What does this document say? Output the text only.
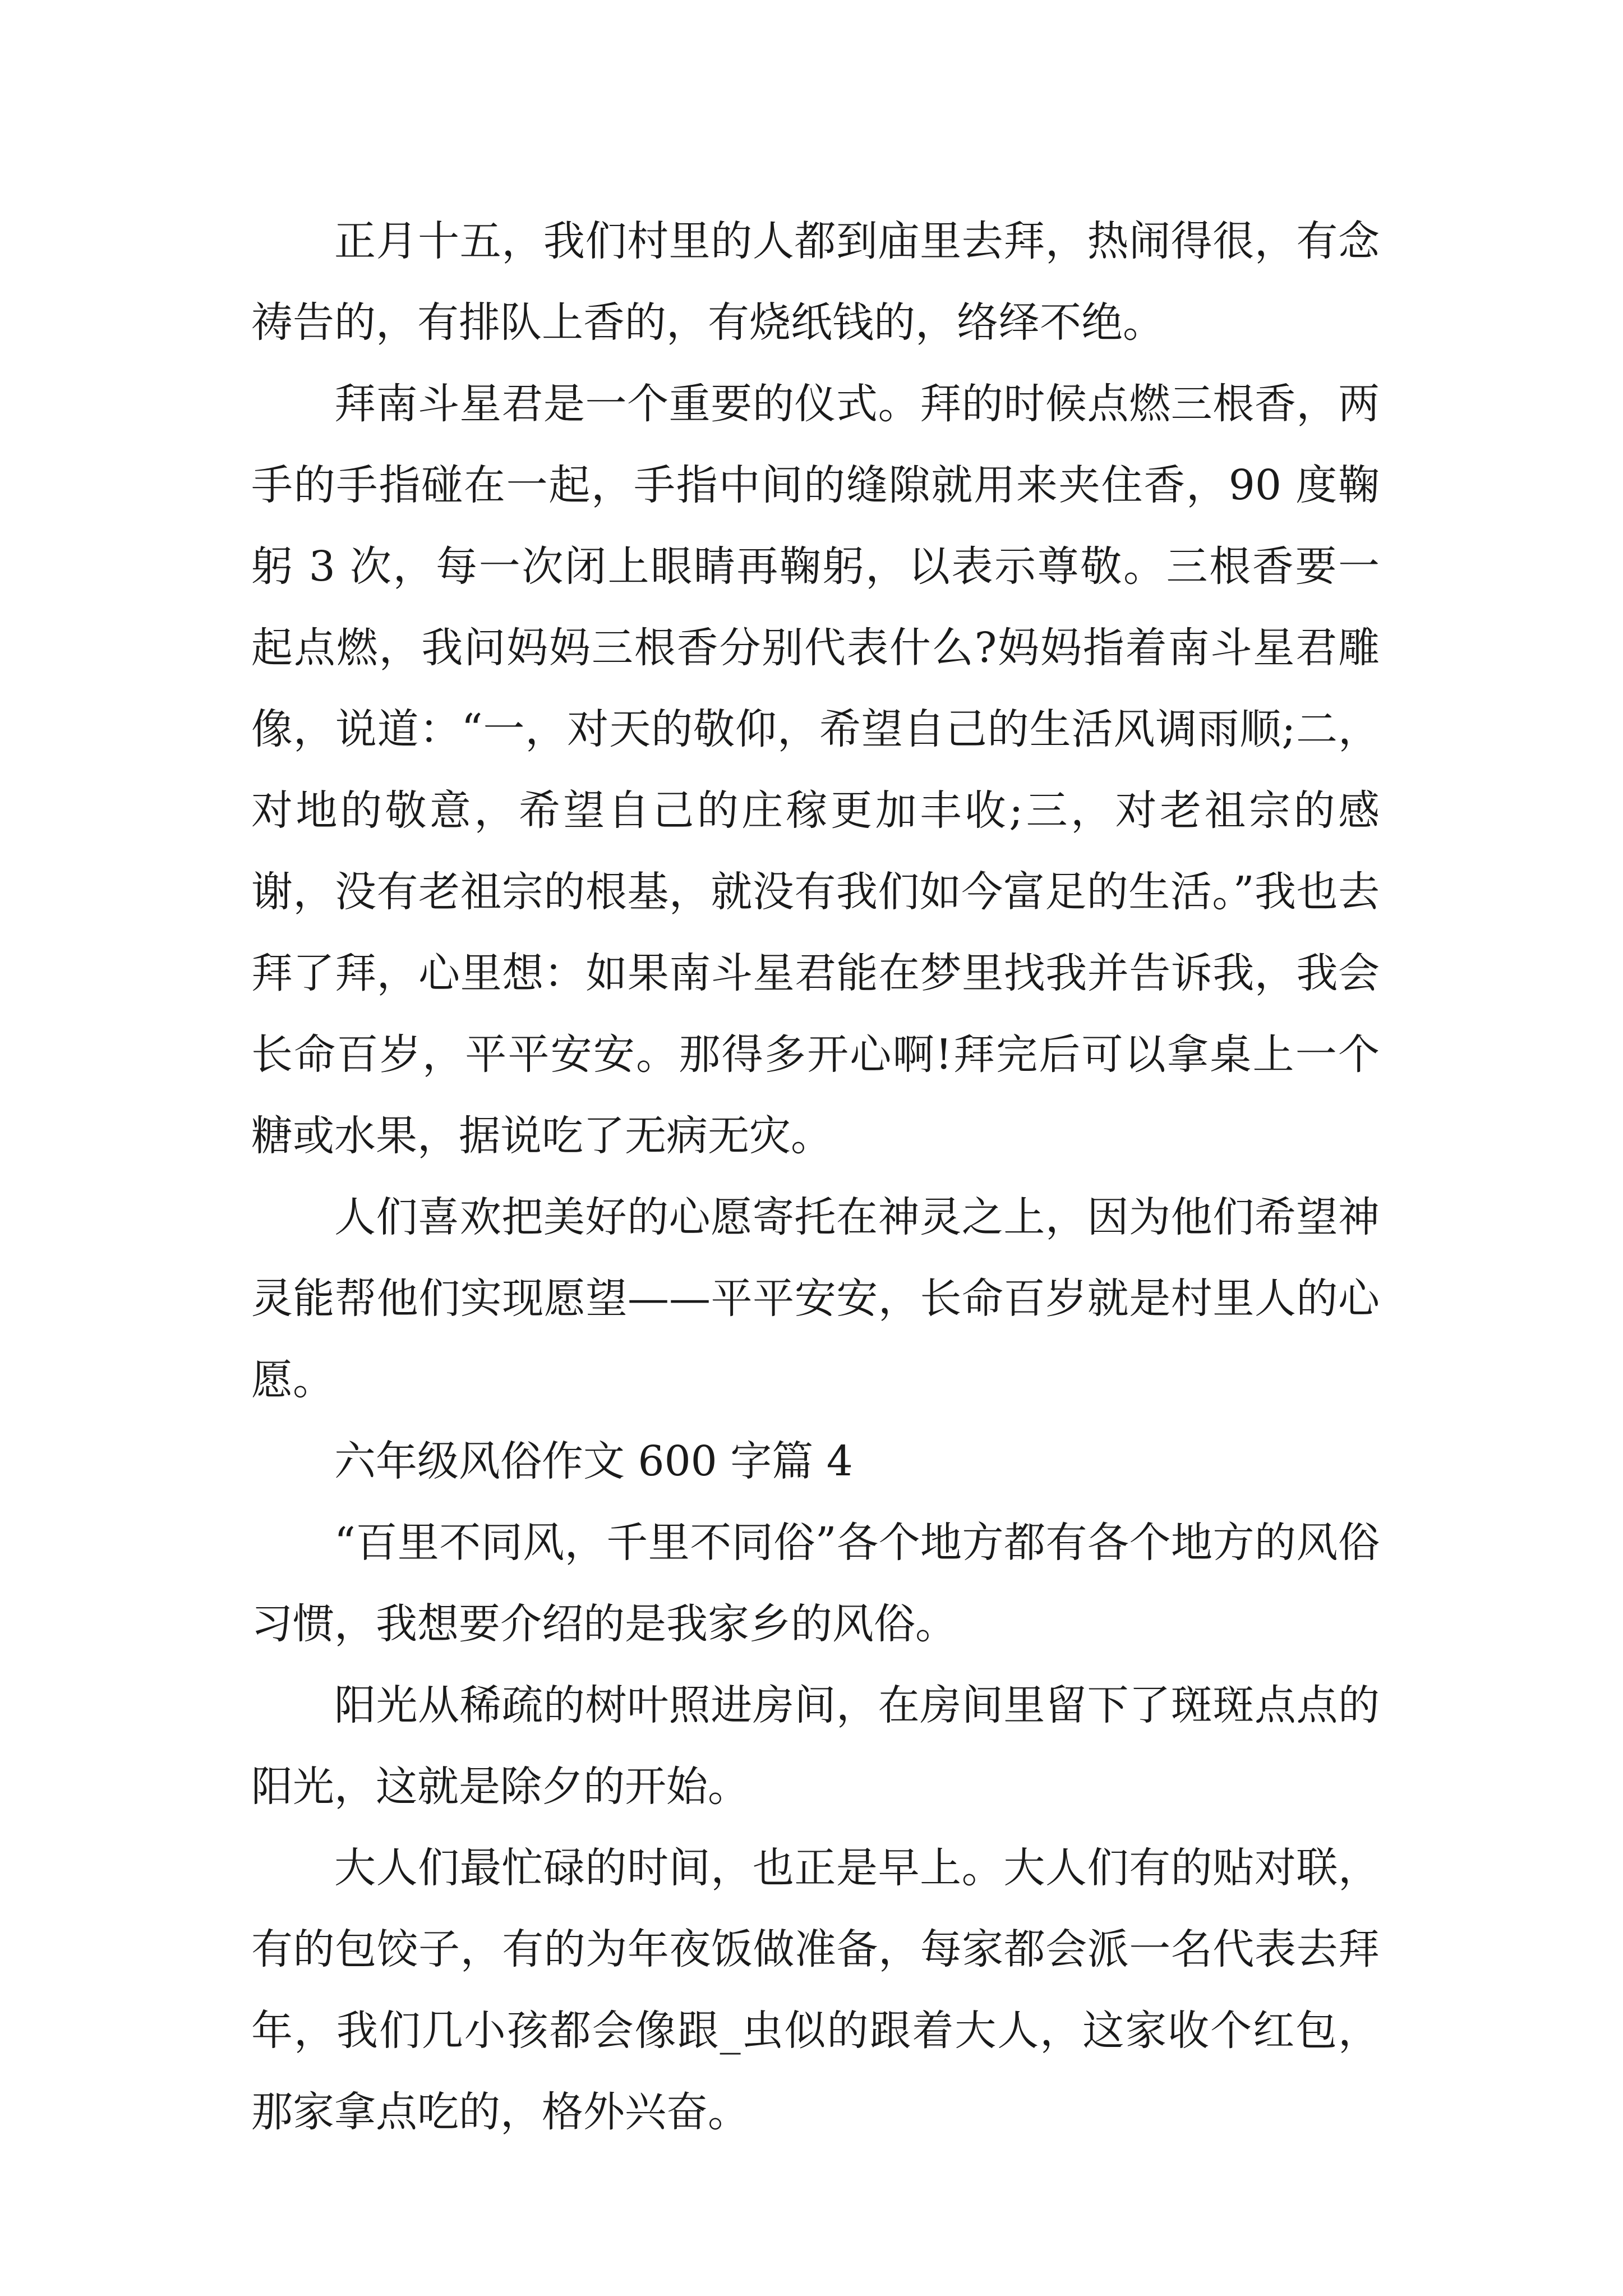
正月十五，我们村里的人都到庙里去拜，热闹得很，有念祷告的，有排队上香的，有烧纸钱的，络绎不绝。

拜南斗星君是一个重要的仪式。拜的时候点燃三根香，两手的手指碰在一起，手指中间的缝隙就用来夹住香，90 度鞠躬 3 次，每一次闭上眼睛再鞠躬，以表示尊敬。三根香要一起点燃，我问妈妈三根香分别代表什么?妈妈指着南斗星君雕像，说道：“一，对天的敬仰，希望自己的生活风调雨顺;二，对地的敬意，希望自己的庄稼更加丰收;三，对老祖宗的感谢，没有老祖宗的根基，就没有我们如今富足的生活。”我也去拜了拜，心里想：如果南斗星君能在梦里找我并告诉我，我会长命百岁，平平安安。那得多开心啊!拜完后可以拿桌上一个糖或水果，据说吃了无病无灾。

人们喜欢把美好的心愿寄托在神灵之上，因为他们希望神灵能帮他们实现愿望——平平安安，长命百岁就是村里人的心愿。

六年级风俗作文 600 字篇 4

“百里不同风，千里不同俗”各个地方都有各个地方的风俗习惯，我想要介绍的是我家乡的风俗。

阳光从稀疏的树叶照进房间，在房间里留下了斑斑点点的阳光，这就是除夕的开始。

大人们最忙碌的时间，也正是早上。大人们有的贴对联，有的包饺子，有的为年夜饭做准备，每家都会派一名代表去拜年，我们几小孩都会像跟_虫似的跟着大人，这家收个红包，那家拿点吃的，格外兴奋。
